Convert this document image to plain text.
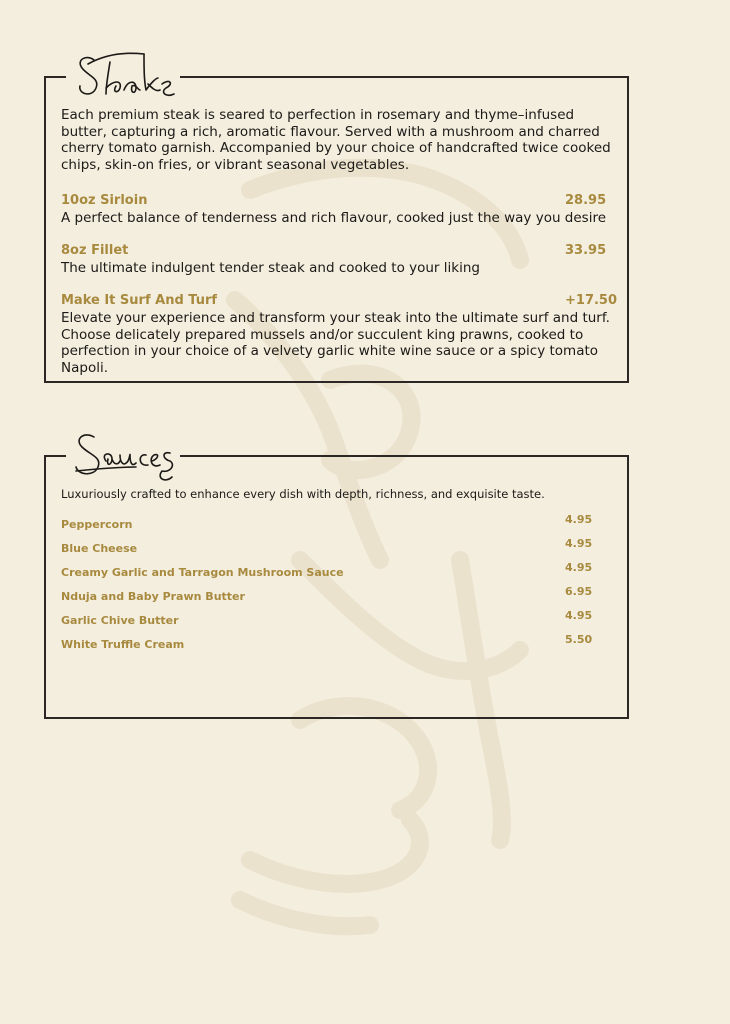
Each premium steak is seared to perfection in rosemary and thyme–infused butter, capturing a rich, aromatic flavour. Served with a mushroom and charred cherry tomato garnish. Accompanied by your choice of handcrafted twice cooked chips, skin-on fries, or vibrant seasonal vegetables.

10oz Sirloin	28.95
A perfect balance of tenderness and rich flavour, cooked just the way you desire
8oz Fillet	33.95
The ultimate indulgent tender steak and cooked to your liking
Make It Surf And Turf	+17.50
Elevate your experience and transform your steak into the ultimate surf and turf. Choose delicately prepared mussels and/or succulent king prawns, cooked to perfection in your choice of a velvety garlic white wine sauce or a spicy tomato Napoli.

Luxuriously crafted to enhance every dish with depth, richness, and exquisite taste.

Peppercorn	4.95
Blue Cheese	4.95
Creamy Garlic and Tarragon Mushroom Sauce	4.95
Nduja and Baby Prawn Butter	6.95
Garlic Chive Butter	4.95
White Truffle Cream	5.50
